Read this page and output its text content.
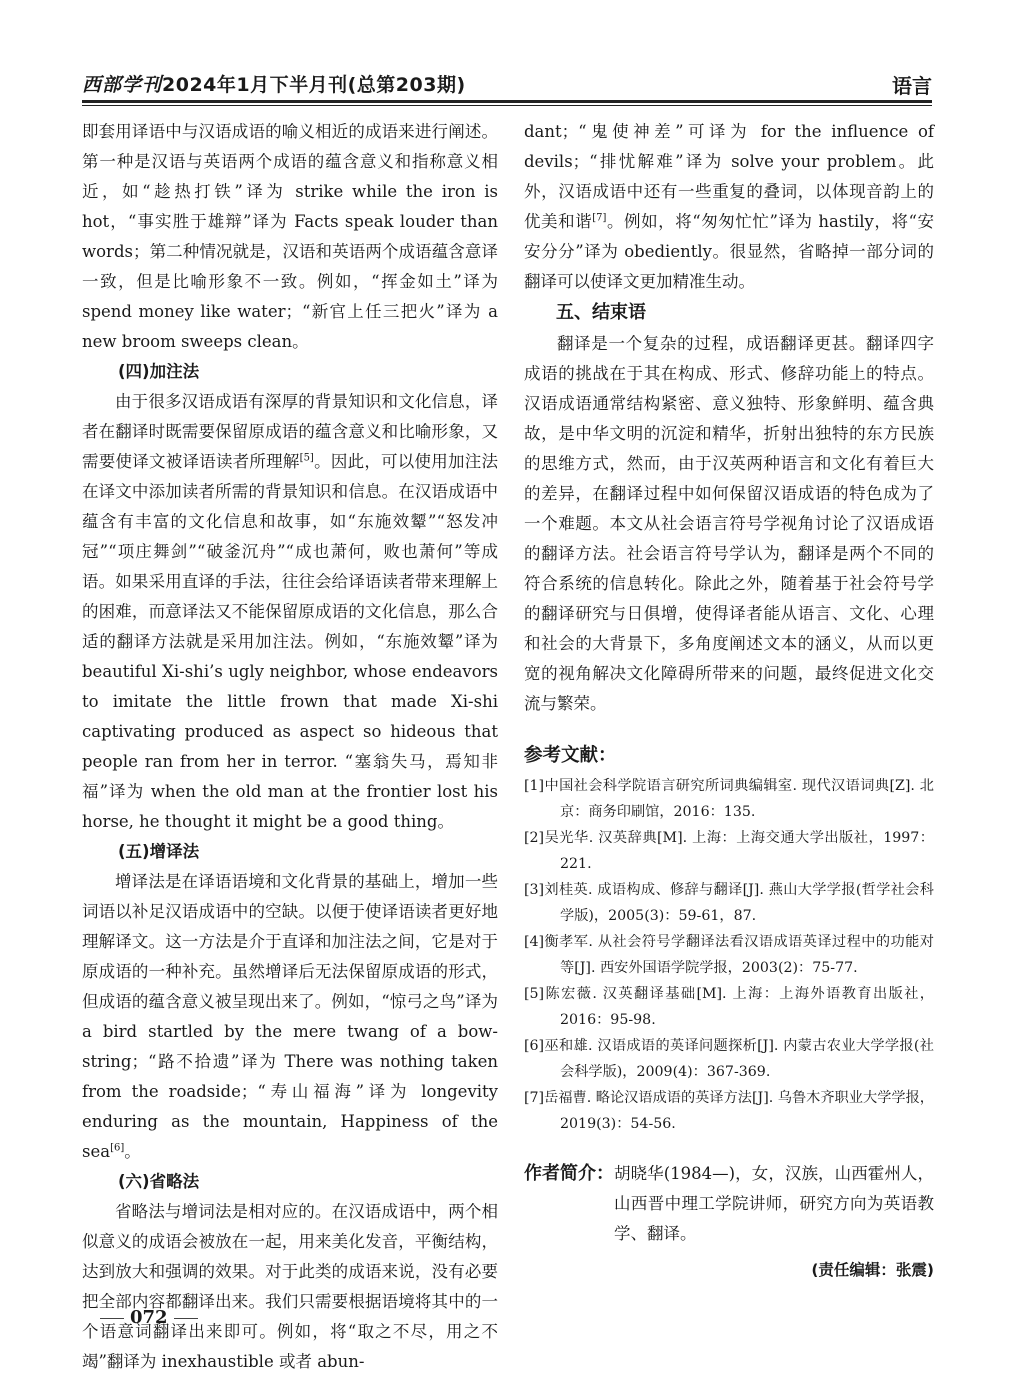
西部学刊2024年1月下半月刊(总第203期)	语言

即套用译语中与汉语成语的喻义相近的成语来进行阐述。第一种是汉语与英语两个成语的蕴含意义和指称意义相近，如“趁热打铁”译为 strike while the iron is hot，“事实胜于雄辩”译为 Facts speak louder than words；第二种情况就是，汉语和英语两个成语蕴含意译一致，但是比喻形象不一致。例如，“挥金如土”译为 spend money like water；“新官上任三把火”译为 a new broom sweeps clean。

(四)加注法

由于很多汉语成语有深厚的背景知识和文化信息，译者在翻译时既需要保留原成语的蕴含意义和比喻形象，又需要使译文被译语读者所理解[5]。因此，可以使用加注法在译文中添加读者所需的背景知识和信息。在汉语成语中蕴含有丰富的文化信息和故事，如“东施效颦”“怒发冲冠”“项庄舞剑”“破釜沉舟”“成也萧何，败也萧何”等成语。如果采用直译的手法，往往会给译语读者带来理解上的困难，而意译法又不能保留原成语的文化信息，那么合适的翻译方法就是采用加注法。例如，“东施效颦”译为 beautiful Xi-shi’s ugly neighbor, whose endeavors to imitate the little frown that made Xi-shi captivating produced as aspect so hideous that people ran from her in terror. “塞翁失马，焉知非福”译为 when the old man at the frontier lost his horse, he thought it might be a good thing。

(五)增译法

增译法是在译语语境和文化背景的基础上，增加一些词语以补足汉语成语中的空缺。以便于使译语读者更好地理解译文。这一方法是介于直译和加注法之间，它是对于原成语的一种补充。虽然增译后无法保留原成语的形式，但成语的蕴含意义被呈现出来了。例如，“惊弓之鸟”译为 a bird startled by the mere twang of a bow-string；“路不拾遗”译为 There was nothing taken from the roadside；“寿山福海”译为 longevity enduring as the mountain, Happiness of the sea[6]。

(六)省略法

省略法与增词法是相对应的。在汉语成语中，两个相似意义的成语会被放在一起，用来美化发音，平衡结构，达到放大和强调的效果。对于此类的成语来说，没有必要把全部内容都翻译出来。我们只需要根据语境将其中的一个语意词翻译出来即可。例如，将“取之不尽，用之不竭”翻译为 inexhaustible 或者 abun-

dant；“鬼使神差”可译为 for the influence of devils；“排忧解难”译为 solve your problem。此外，汉语成语中还有一些重复的叠词，以体现音韵上的优美和谐[7]。例如，将“匆匆忙忙”译为 hastily，将“安安分分”译为 obediently。很显然，省略掉一部分词的翻译可以使译文更加精准生动。

五、结束语

翻译是一个复杂的过程，成语翻译更甚。翻译四字成语的挑战在于其在构成、形式、修辞功能上的特点。汉语成语通常结构紧密、意义独特、形象鲜明、蕴含典故，是中华文明的沉淀和精华，折射出独特的东方民族的思维方式，然而，由于汉英两种语言和文化有着巨大的差异，在翻译过程中如何保留汉语成语的特色成为了一个难题。本文从社会语言符号学视角讨论了汉语成语的翻译方法。社会语言符号学认为，翻译是两个不同的符合系统的信息转化。除此之外，随着基于社会符号学的翻译研究与日俱增，使得译者能从语言、文化、心理和社会的大背景下，多角度阐述文本的涵义，从而以更宽的视角解决文化障碍所带来的问题，最终促进文化交流与繁荣。

参考文献：

[1]中国社会科学院语言研究所词典编辑室. 现代汉语词典[Z]. 北京：商务印刷馆，2016：135.

[2]吴光华. 汉英辞典[M]. 上海：上海交通大学出版社，1997：221.

[3]刘桂英. 成语构成、修辞与翻译[J]. 燕山大学学报(哲学社会科学版)，2005(3)：59-61，87.

[4]衡孝军. 从社会符号学翻译法看汉语成语英译过程中的功能对等[J]. 西安外国语学院学报，2003(2)：75-77.

[5]陈宏薇. 汉英翻译基础[M]. 上海：上海外语教育出版社，2016：95-98.

[6]巫和雄. 汉语成语的英译问题探析[J]. 内蒙古农业大学学报(社会科学版)，2009(4)：367-369.

[7]岳福曹. 略论汉语成语的英译方法[J]. 乌鲁木齐职业大学学报，2019(3)：54-56.

作者简介： 胡晓华(1984—)，女，汉族，山西霍州人，山西晋中理工学院讲师，研究方向为英语教学、翻译。

(责任编辑：张震)
072
